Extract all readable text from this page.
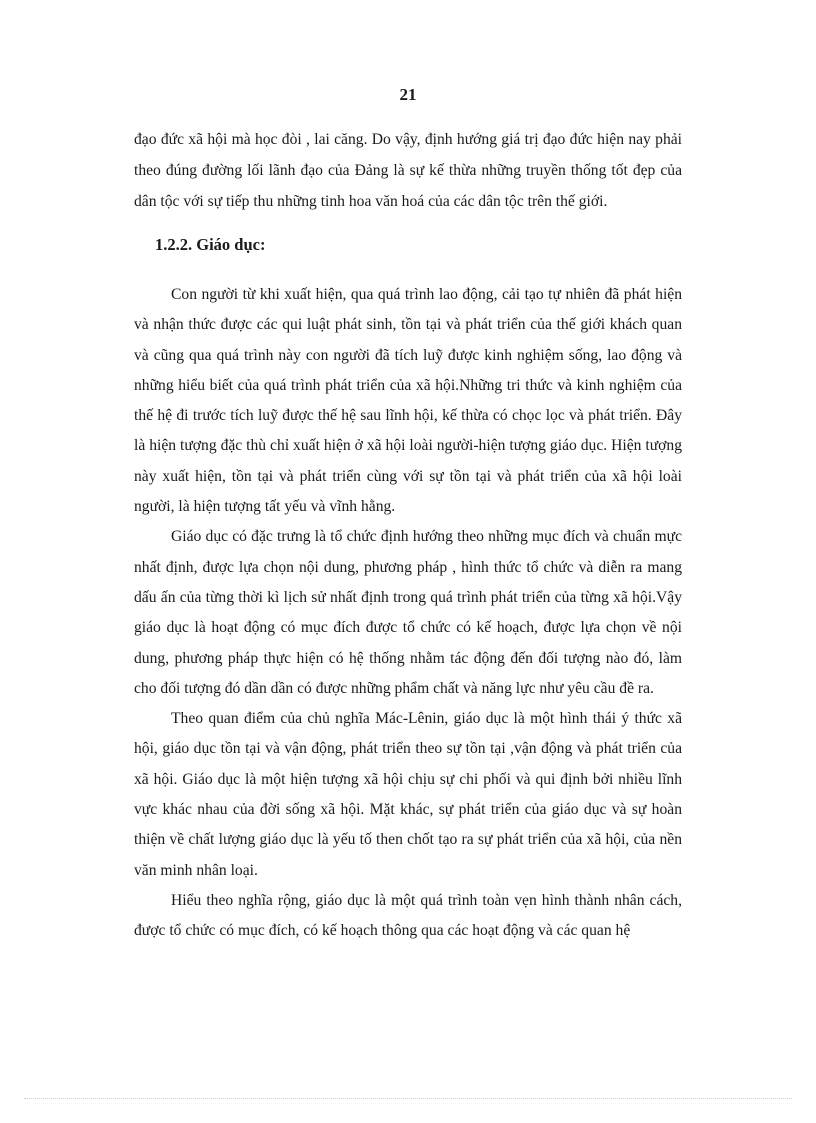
21

đạo đức xã hội mà học đòi , lai căng. Do vậy, định hướng giá trị đạo đức hiện nay phải theo đúng đường lối lãnh đạo của Đảng là sự kế thừa những truyền thống tốt đẹp của dân tộc với sự tiếp thu những tinh hoa văn hoá của các dân tộc trên thế giới.

1.2.2. Giáo dục:

Con người từ khi xuất hiện, qua quá trình lao động, cải tạo tự nhiên đã phát hiện và nhận thức được các qui luật phát sinh, tồn tại và phát triển của thế giới khách quan và cũng qua quá trình này con người đã tích luỹ được kinh nghiệm sống, lao động và những hiểu biết của quá trình phát triển của xã hội.Những tri thức và kinh nghiệm của thế hệ đi trước tích luỹ được thế hệ sau lĩnh hội, kế thừa có chọc lọc và phát triển. Đây là hiện tượng đặc thù chỉ xuất hiện ở xã hội loài người-hiện tượng giáo dục. Hiện tượng này xuất hiện, tồn tại và phát triển cùng với sự tồn tại và phát triển của xã hội loài người, là hiện tượng tất yếu và vĩnh hằng.

Giáo dục có đặc trưng là tổ chức định hướng theo những mục đích và chuẩn mực nhất định, được lựa chọn nội dung, phương pháp , hình thức tổ chức và diễn ra mang dấu ấn của từng thời kì lịch sử nhất định trong quá trình phát triển của từng xã hội.Vậy giáo dục là hoạt động có mục đích được tổ chức có kế hoạch, được lựa chọn về nội dung, phương pháp thực hiện có hệ thống nhằm tác động đến đối tượng nào đó, làm cho đối tượng đó dần dần có được những phẩm chất và năng lực như yêu cầu đề ra.

Theo quan điểm của chủ nghĩa Mác-Lênin, giáo dục là một hình thái ý thức xã hội, giáo dục tồn tại và vận động, phát triển theo sự tồn tại ,vận động và phát triển của xã hội. Giáo dục là một hiện tượng xã hội chịu sự chi phối và qui định bởi nhiều lĩnh vực khác nhau của đời sống xã hội. Mặt khác, sự phát triển của giáo dục và sự hoàn thiện về chất lượng giáo dục là yếu tố then chốt tạo ra sự phát triển của xã hội, của nền văn minh nhân loại.

Hiểu theo nghĩa rộng, giáo dục là một quá trình toàn vẹn hình thành nhân cách, được tổ chức có mục đích, có kế hoạch thông qua các hoạt động và các quan hệ
